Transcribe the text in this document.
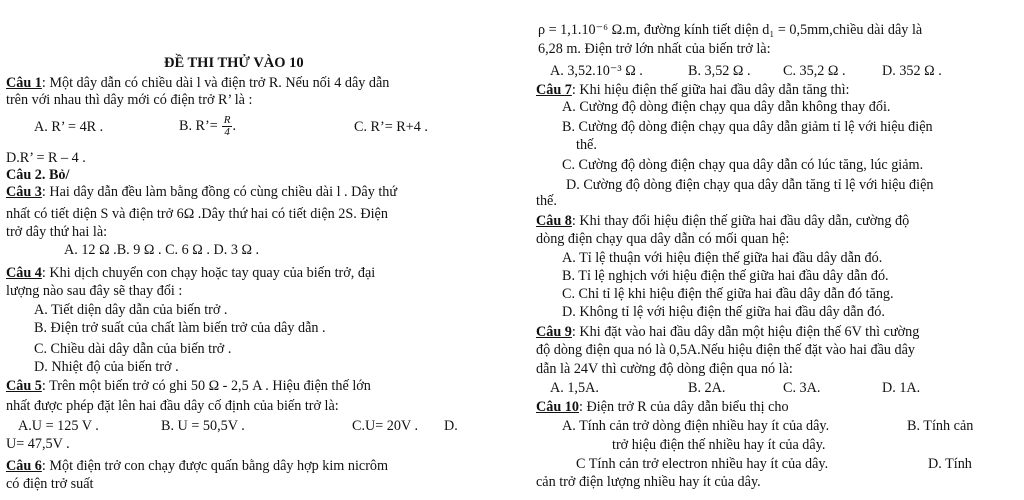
ĐỀ THI THỬ VÀO 10
Câu 1: Một dây dẫn có chiều dài l và điện trở R. Nếu nối 4 dây dẫn
trên với nhau thì dây mới có điện trở R’ là :
A. R’ = 4R .	B. R’= $\frac{R}{4}$ .	C. R’= R+4 .
D.R’ = R – 4 .
Câu 2. Bỏ/
Câu 3: Hai dây dẫn đều làm bằng đồng có cùng chiều dài l . Dây thứ
nhất có tiết diện S và điện trở 6Ω .Dây thứ hai có tiết diện 2S. Điện
trở dây thứ hai là:
A. 12 Ω .B. 9 Ω . C. 6 Ω . D. 3 Ω .
Câu 4: Khi dịch chuyển con chạy hoặc tay quay của biến trở, đại
lượng nào sau đây sẽ thay đổi :
A. Tiết diện dây dẫn của biến trở .
B. Điện trở suất của chất làm biến trở của dây dẫn .
C. Chiều dài dây dẫn của biến trở .
D. Nhiệt độ của biến trở .
Câu 5: Trên một biến trở có ghi 50 Ω - 2,5 A . Hiệu điện thế lớn
nhất được phép đặt lên hai đầu dây cố định của biến trở là:
A.U = 125 V .	B. U = 50,5V .	C.U= 20V . D.
U= 47,5V .
Câu 6: Một điện trở con chạy được quấn bằng dây hợp kim nicrôm
có điện trở suất
ρ = 1,1.10⁻⁶ Ω.m, đường kính tiết diện d₁ = 0,5mm,chiều dài dây là
6,28 m. Điện trở lớn nhất của biến trở là:
A. 3,52.10⁻³ Ω .	B. 3,52 Ω . C. 35,2 Ω .	D. 352 Ω .
Câu 7: Khi hiệu điện thế giữa hai đầu dây dẫn tăng thì:
A. Cường độ dòng điện chạy qua dây dẫn không thay đổi.
B. Cường độ dòng điện chạy qua dây dẫn giảm tỉ lệ với hiệu điện
thế.
C. Cường độ dòng điện chạy qua dây dẫn có lúc tăng, lúc giảm.
D. Cường độ dòng điện chạy qua dây dẫn tăng tỉ lệ với hiệu điện
thế.
Câu 8: Khi thay đổi hiệu điện thế giữa hai đầu dây dẫn, cường độ
dòng điện chạy qua dây dẫn có mối quan hệ:
A. Tỉ lệ thuận với hiệu điện thế giữa hai đầu dây dẫn đó.
B. Tỉ lệ nghịch với hiệu điện thế giữa hai đầu dây dẫn đó.
C. Chỉ tỉ lệ khi hiệu điện thế giữa hai đầu dây dẫn đó tăng.
D. Không tỉ lệ với hiệu điện thế giữa hai đầu dây dẫn đó.
Câu 9: Khi đặt vào hai đầu dây dẫn một hiệu điện thế 6V thì cường
độ dòng điện qua nó là 0,5A.Nếu hiệu điện thế đặt vào hai đầu dây
dẫn là 24V thì cường độ dòng điện qua nó là:
A. 1,5A.	B. 2A.	C. 3A.	D. 1A.
Câu 10: Điện trở R của dây dẫn biểu thị cho
A. Tính cản trở dòng điện nhiều hay ít của dây.	B. Tính cản
trở hiệu điện thế nhiều hay ít của dây.
C Tính cản trở electron nhiều hay ít của dây.	D. Tính
cản trở điện lượng nhiều hay ít của dây.
